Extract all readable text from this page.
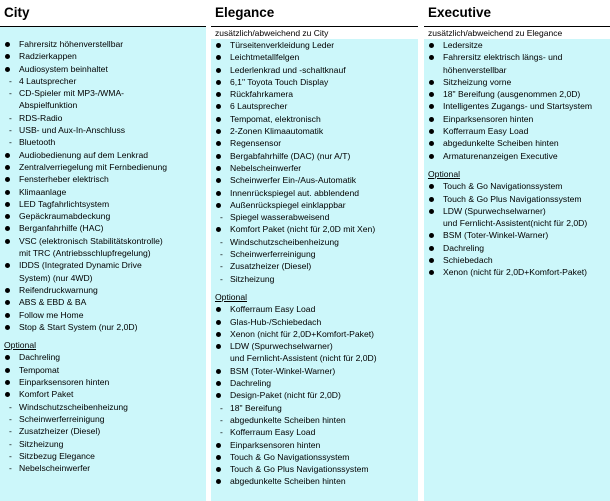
City
Fahrersitz höhenverstellbar
Radzierkappen
Audiosystem beinhaltet
- 4 Lautsprecher
- CD-Spieler mit MP3-/WMA-
Abspielfunktion
- RDS-Radio
- USB- und Aux-In-Anschluss
- Bluetooth
Audiobedienung auf dem Lenkrad
Zentralverriegelung mit Fernbedienung
Fensterheber elektrisch
Klimaanlage
LED Tagfahrlichtsystem
Gepäckraumabdeckung
Berganfahrhilfe (HAC)
VSC (elektronisch Stabilitätskontrolle)
mit TRC (Antriebsschlupfregelung)
IDDS (Integrated Dynamic Drive
System) (nur 4WD)
Reifendruckwarnung
ABS & EBD & BA
Follow me Home
Stop & Start System (nur 2,0D)
Optional
Dachreling
Tempomat
Einparksensoren hinten
Komfort Paket
- Windschutzscheibenheizung
- Scheinwerferreinigung
- Zusatzheizer (Diesel)
- Sitzheizung
- Sitzbezug Elegance
- Nebelscheinwerfer
Elegance
zusätzlich/abweichend zu City
Türseitenverkleidung Leder
Leichtmetallfelgen
Lederlenkrad und -schaltknauf
6,1" Toyota Touch Display
Rückfahrkamera
6 Lautsprecher
Tempomat, elektronisch
2-Zonen Klimaautomatik
Regensensor
Bergabfahrhilfe (DAC) (nur A/T)
Nebelscheinwerfer
Scheinwerfer Ein-/Aus-Automatik
Innenrückspiegel aut. abblendend
Außenrückspiegel einklappbar
- Spiegel wasserabweisend
Komfort Paket (nicht für 2,0D mit Xen)
- Windschutzscheibenheizung
- Scheinwerferreinigung
- Zusatzheizer (Diesel)
- Sitzheizung
Optional
Kofferraum Easy Load
Glas-Hub-/Schiebedach
Xenon (nicht für 2,0D+Komfort-Paket)
LDW (Spurwechselwarner)
und Fernlicht-Assistent (nicht für 2,0D)
BSM (Toter-Winkel-Warner)
Dachreling
Design-Paket (nicht für 2,0D)
- 18" Bereifung
- abgedunkelte Scheiben hinten
- Kofferraum Easy Load
Einparksensoren hinten
Touch & Go Navigationssystem
Touch & Go Plus Navigationssystem
abgedunkelte Scheiben hinten
Executive
zusätzlich/abweichend zu Elegance
Ledersitze
Fahrersitz elektrisch längs- und
höhenverstellbar
Sitzheizung vorne
18" Bereifung (ausgenommen 2,0D)
Intelligentes Zugangs- und Startsystem
Einparksensoren hinten
Kofferraum Easy Load
abgedunkelte Scheiben hinten
Armaturenanzeigen Executive
Optional
Touch & Go Navigationssystem
Touch & Go Plus Navigationssystem
LDW (Spurwechselwarner)
und Fernlicht-Assistent(nicht für 2,0D)
BSM (Toter-Winkel-Warner)
Dachreling
Schiebedach
Xenon (nicht für 2,0D+Komfort-Paket)
